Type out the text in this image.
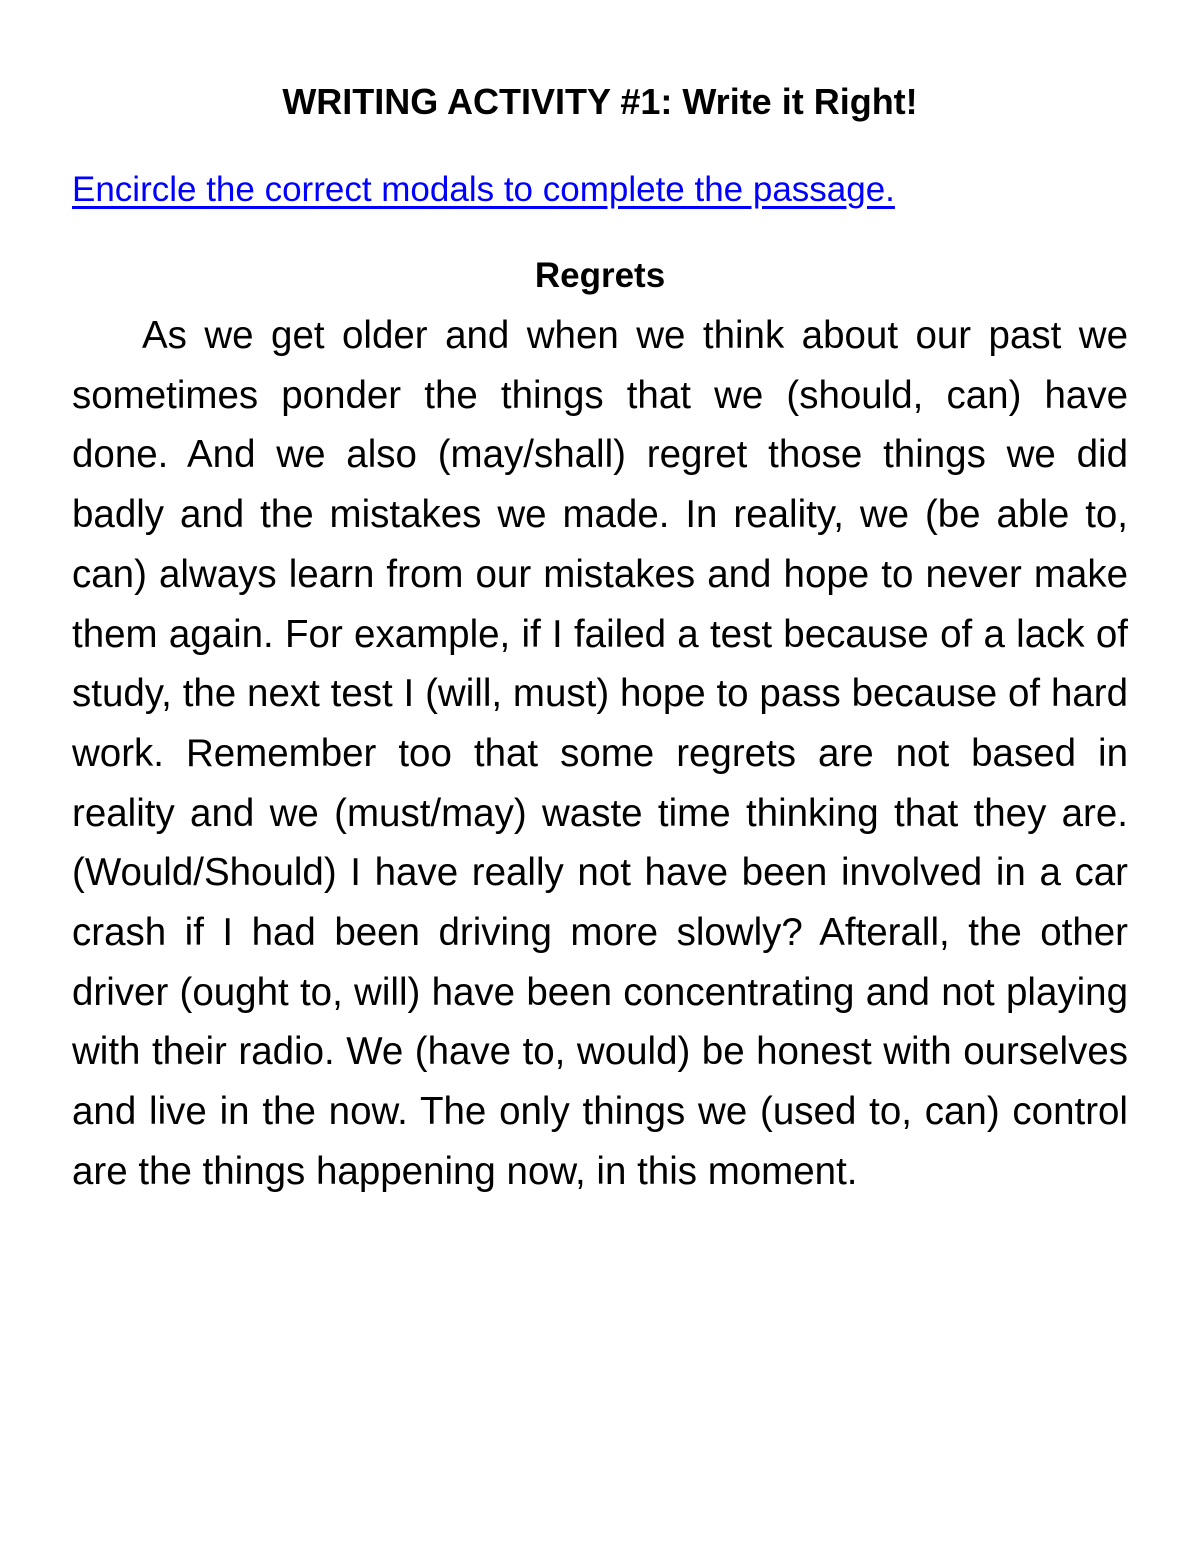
WRITING ACTIVITY #1: Write it Right!

Encircle the correct modals to complete the passage.

Regrets

As we get older and when we think about our past we sometimes ponder the things that we (should, can) have done. And we also (may/shall) regret those things we did badly and the mistakes we made. In reality, we (be able to, can) always learn from our mistakes and hope to never make them again. For example, if I failed a test because of a lack of study, the next test I (will, must) hope to pass because of hard work. Remember too that some regrets are not based in reality and we (must/may) waste time thinking that they are. (Would/Should) I have really not have been involved in a car crash if I had been driving more slowly? Afterall, the other driver (ought to, will) have been concentrating and not playing with their radio. We (have to, would) be honest with ourselves and live in the now. The only things we (used to, can) control are the things happening now, in this moment.
